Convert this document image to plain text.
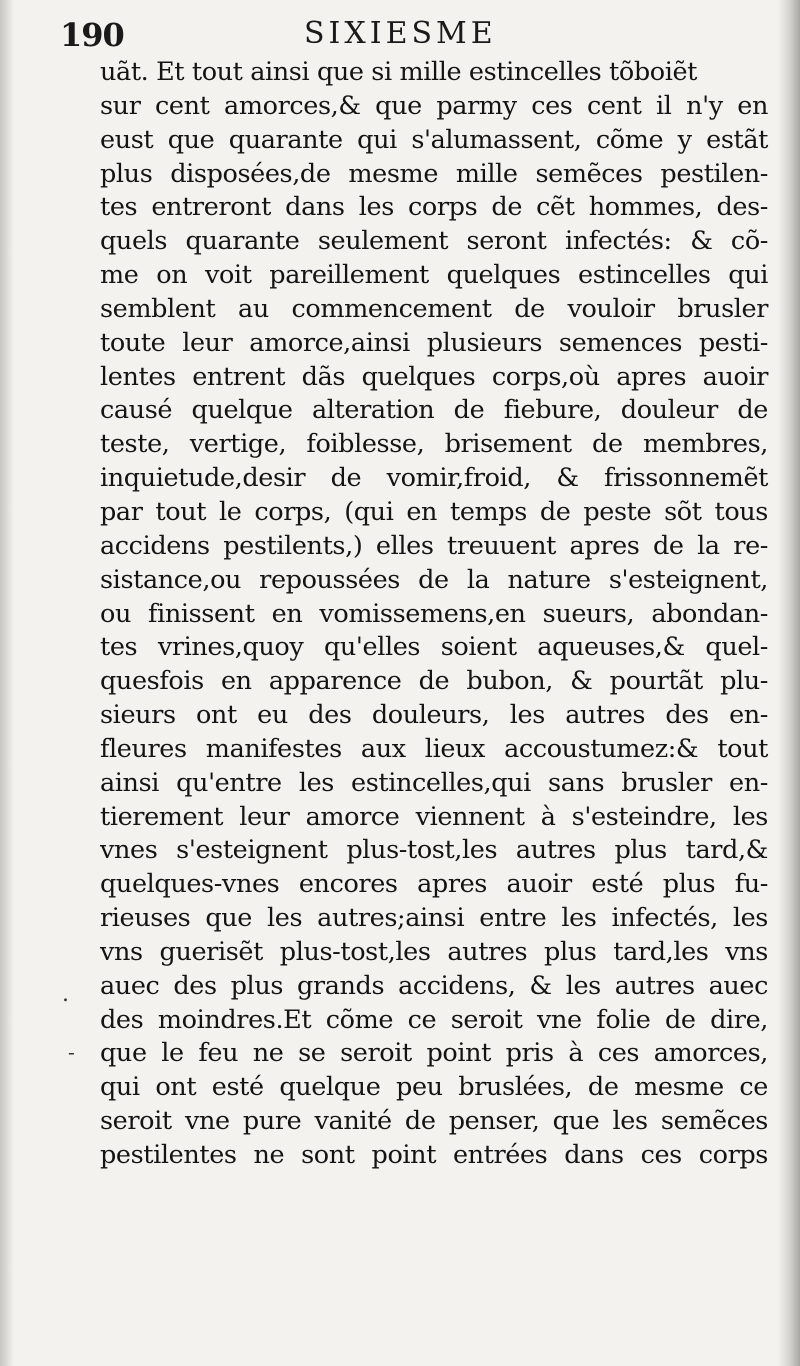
190	SIXIESME
uãt. Et tout ainsi que si mille estincelles tõboiẽt
sur cent amorces,& que parmy ces cent il n'y en
eust que quarante qui s'alumassent, cõme y estãt
plus disposées,de mesme mille semẽces pestilen-
tes entreront dans les corps de cẽt hommes, des-
quels quarante seulement seront infectés: & cõ-
me on voit pareillement quelques estincelles qui
semblent au commencement de vouloir brusler
toute leur amorce,ainsi plusieurs semences pesti-
lentes entrent dãs quelques corps,où apres auoir
causé quelque alteration de fiebure, douleur de
teste, vertige, foiblesse, brisement de membres,
inquietude,desir de vomir,froid, & frissonnemẽt
par tout le corps, (qui en temps de peste sõt tous
accidens pestilents,) elles treuuent apres de la re-
sistance,ou repoussées de la nature s'esteignent,
ou finissent en vomissemens,en sueurs, abondan-
tes vrines,quoy qu'elles soient aqueuses,& quel-
quesfois en apparence de bubon, & pourtãt plu-
sieurs ont eu des douleurs, les autres des en-
fleures manifestes aux lieux accoustumez:& tout
ainsi qu'entre les estincelles,qui sans brusler en-
tierement leur amorce viennent à s'esteindre, les
vnes s'esteignent plus-tost,les autres plus tard,&
quelques-vnes encores apres auoir esté plus fu-
rieuses que les autres;ainsi entre les infectés, les
vns guerisẽt plus-tost,les autres plus tard,les vns
auec des plus grands accidens, & les autres auec
des moindres.Et cõme ce seroit vne folie de dire,
que le feu ne se seroit point pris à ces amorces,
qui ont esté quelque peu bruslées, de mesme ce
seroit vne pure vanité de penser, que les semẽces
pestilentes ne sont point entrées dans ces corps
.
-
